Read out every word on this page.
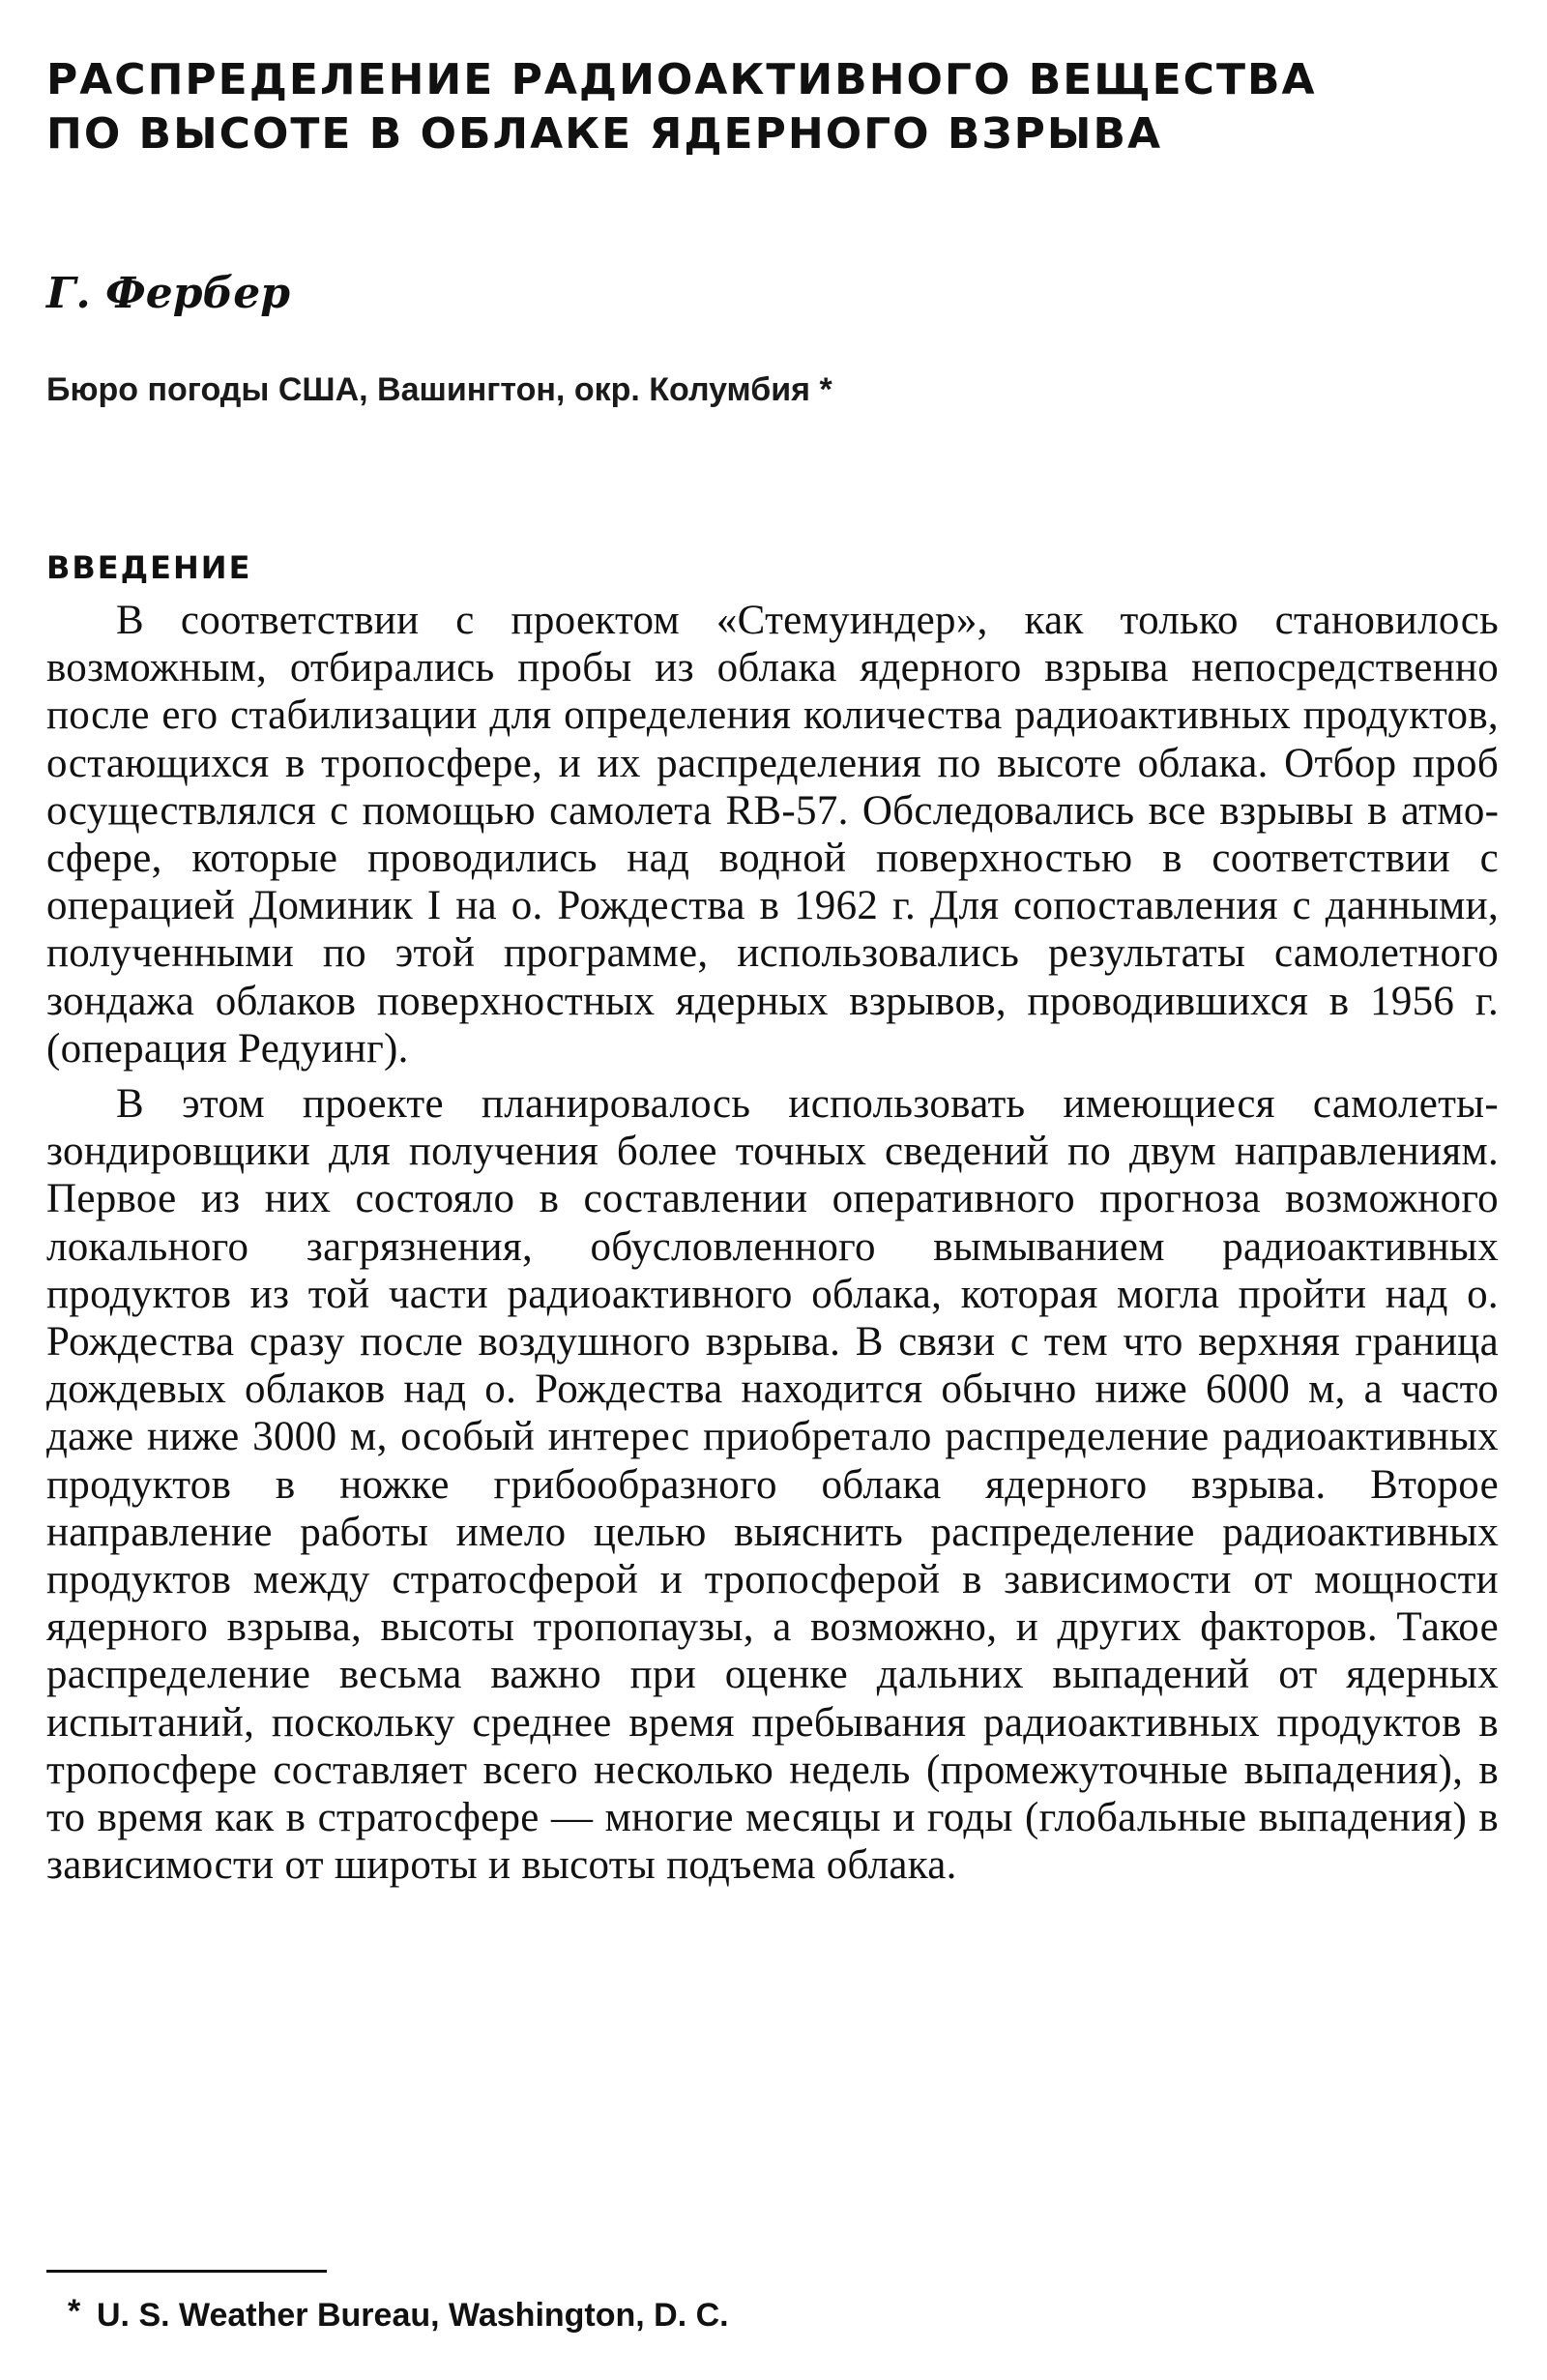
РАСПРЕДЕЛЕНИЕ РАДИОАКТИВНОГО ВЕЩЕСТВА
ПО ВЫСОТЕ В ОБЛАКЕ ЯДЕРНОГО ВЗРЫВА
Г. Фербер
Бюро погоды США, Вашингтон, окр. Колумбия *
ВВЕДЕНИЕ

В соответствии с проектом «Стемуиндер», как только становилось возможным, отбирались пробы из облака ядерного взрыва непосредственно после его стабилизации для определения количества радиоактивных продуктов, остающихся в тропосфере, и их распределения по высоте облака. Отбор проб осуществлялся с помощью самолета RB-57. Обследовались все взрывы в атмосфере, которые проводились над водной поверхностью в соответствии с операцией Доминик I на о. Рождества в 1962 г. Для сопоставления с данными, полученными по этой программе, использовались результаты самолетного зондажа облаков поверхностных ядерных взрывов, проводившихся в 1956 г. (операция Редуинг).

В этом проекте планировалось использовать имеющиеся самолеты-зондировщики для получения более точных сведений по двум направлениям. Первое из них состояло в составлении оперативного прогноза возможного локального загрязнения, обусловленного вымыванием радиоактивных продуктов из той части радиоактивного облака, которая могла пройти над о. Рождества сразу после воздушного взрыва. В связи с тем что верхняя граница дождевых облаков над о. Рождества находится обычно ниже 6000 м, а часто даже ниже 3000 м, особый интерес приобретало распределение радиоактивных продуктов в ножке грибообразного облака ядерного взрыва. Второе направление работы имело целью выяснить распределение радиоактивных продуктов между стратосферой и тропосферой в зависимости от мощности ядерного взрыва, высоты тропопаузы, а возможно, и других факторов. Такое распределение весьма важно при оценке дальних выпадений от ядерных испытаний, поскольку среднее время пребывания радиоактивных продуктов в тропосфере составляет всего несколько недель (промежуточные выпадения), в то время как в стратосфере — многие месяцы и годы (глобальные выпадения) в зависимости от широты и высоты подъема облака.

* U. S. Weather Bureau, Washington, D. C.
